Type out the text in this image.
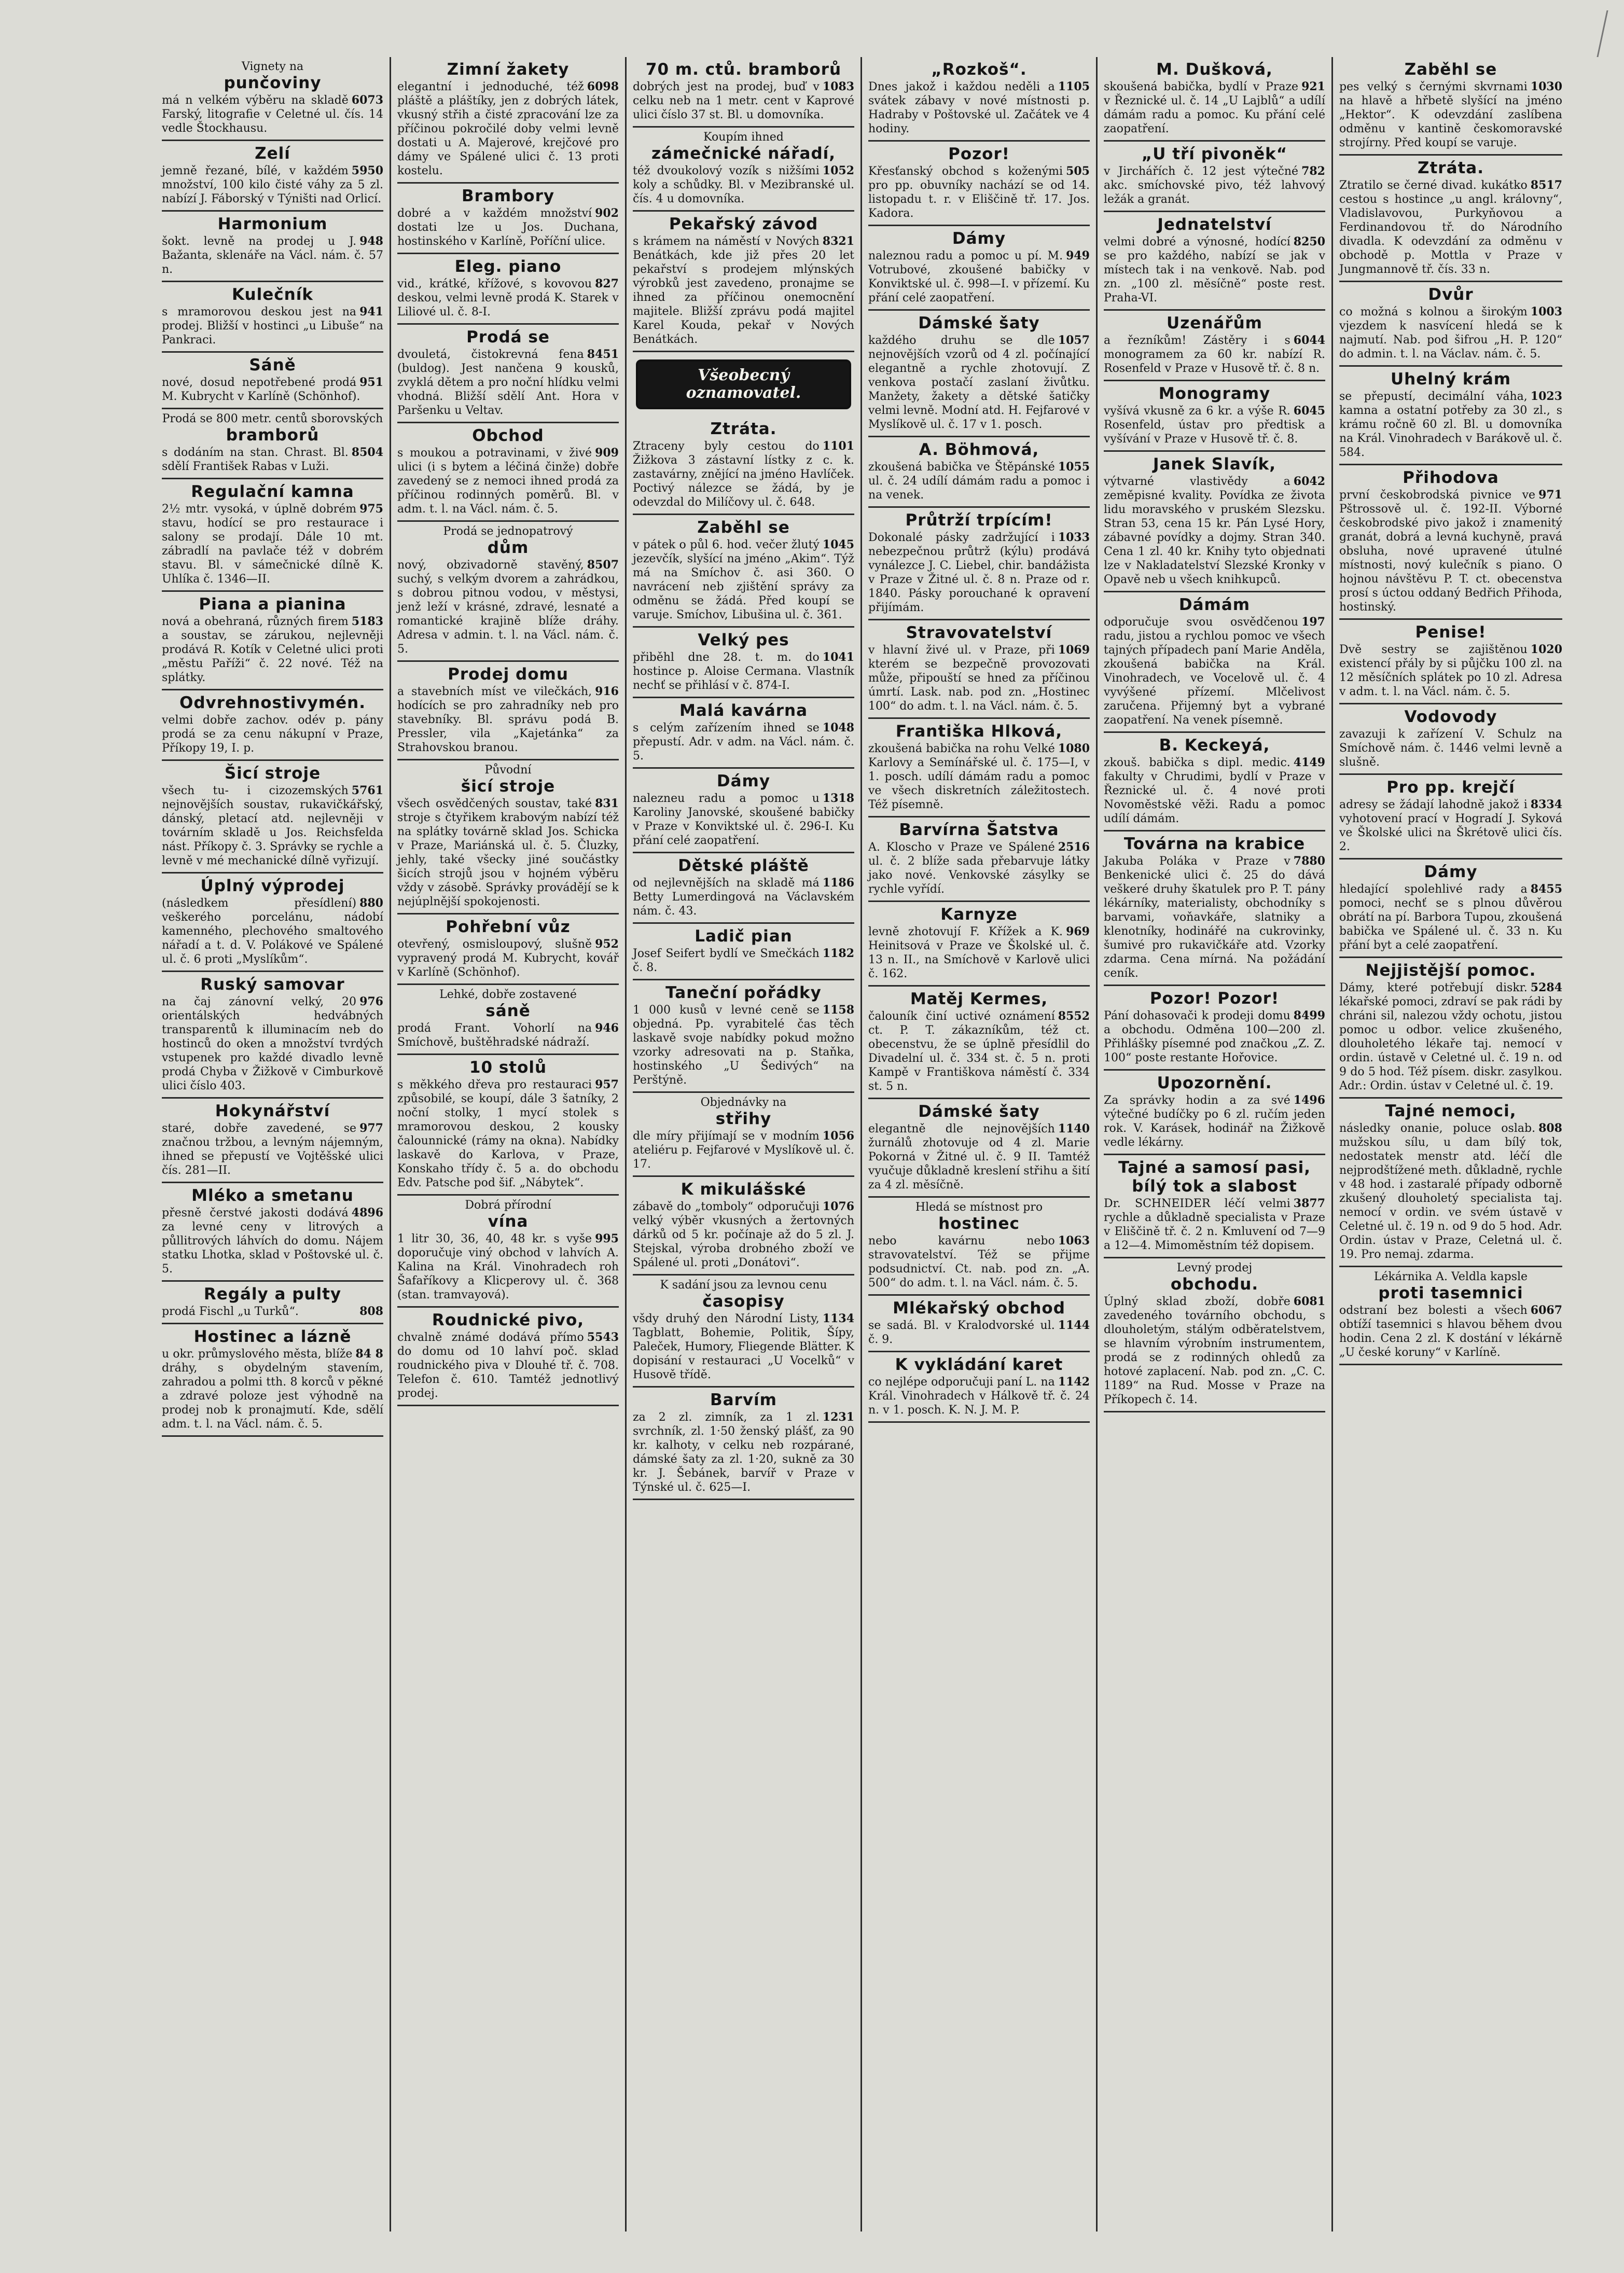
Vignety na
punčoviny

6073
má n velkém výběru na skladě Farský, litografie v Celetné ul. čís. 14 vedle Štockhausu.

Zelí

5950
jemně řezané, bílé, v každém množství, 100 kilo čisté váhy za 5 zl. nabízí J. Fáborský v Týništi nad Orlicí.

Harmonium

948
šokt. levně na prodej u J. Bažanta, sklenáře na Václ. nám. č. 57 n.

Kulečník

941
s mramorovou deskou jest na prodej. Bližší v hostinci „u Libuše“ na Pankraci.

Sáně

951
nové, dosud nepotřebené prodá M. Kubrycht v Karlíně (Schönhof).

Prodá se 800 metr. centů sborovských
bramborů

8504
s dodáním na stan. Chrast. Bl. sdělí František Rabas v Luži.

Regulační kamna

975
2½ mtr. vysoká, v úplně dobrém stavu, hodící se pro restaurace i salony se prodají. Dále 10 mt. zábradlí na pavlače též v dobrém stavu. Bl. v sámečnické dílně K. Uhlíka č. 1346—II.

Piana a pianina

5183
nová a obehraná, různých firem a soustav, se zárukou, nejlevněji prodává R. Kotík v Celetné ulici proti „městu Paříži“ č. 22 nové. Též na splátky.

Odvrehnostivymén.

velmi dobře zachov. odév p. pány prodá se za cenu nákupní v Praze, Příkopy 19, I. p.

Šicí stroje

5761
všech tu- i cizozemských nejnovějších soustav, rukavičkářský, dánský, pletací atd. nejlevněji v továrním skladě u Jos. Reichsfelda nást. Příkopy č. 3. Správky se rychle a levně v mé mechanické dílně vyřizují.

Úplný výprodej

880
(následkem přesídlení) veškerého porcelánu, nádobí kamenného, plechového smaltového nářadí a t. d. V. Polákové ve Spálené ul. č. 6 proti „Myslíkům“.

Ruský samovar

976
na čaj zánovní velký, 20 orientálských hedvábných transparentů k illuminacím neb do hostinců do oken a množství tvrdých vstupenek pro každé divadlo levně prodá Chyba v Žižkově v Cimburkově ulici číslo 403.

Hokynářství

977
staré, dobře zavedené, se značnou tržbou, a levným nájemným, ihned se přepustí ve Vojtěšské ulici čís. 281—II.

Mléko a smetanu

4896
přesně čerstvé jakosti dodává za levné ceny v litrových a půllitrových láhvích do domu. Nájem statku Lhotka, sklad v Poštovské ul. č. 5.

Regály a pulty

808
prodá Fischl „u Turků“.

Hostinec a lázně

84 8
u okr. průmyslového města, blíže dráhy, s obydelným stavením, zahradou a polmi tth. 8 korců v pěkné a zdravé poloze jest výhodně na prodej nob k pronajmutí. Kde, sdělí adm. t. l. na Václ. nám. č. 5.

Zimní žakety

6098
elegantní i jednoduché, též pláště a pláštíky, jen z dobrých látek, vkusný střih a čisté zpracování lze za příčinou pokročilé doby velmi levně dostati u A. Majerové, krejčové pro dámy ve Spálené ulici č. 13 proti kostelu.

Brambory

902
dobré a v každém množství dostati lze u Jos. Duchana, hostinského v Karlíně, Poříční ulice.

Eleg. piano

827
vid., krátké, křížové, s kovovou deskou, velmi levně prodá K. Starek v Liliové ul. č. 8-I.

Prodá se

8451
dvouletá, čistokrevná fena (buldog). Jest nančena 9 kousků, zvyklá dětem a pro noční hlídku velmi vhodná. Bližší sdělí Ant. Hora v Paršenku u Veltav.

Obchod

909
s moukou a potravinami, v živé ulici (i s bytem a léčiná činže) dobře zavedený se z nemoci ihned prodá za příčinou rodinných poměrů. Bl. v adm. t. l. na Václ. nám. č. 5.

Prodá se jednopatrový
dům

8507
nový, obzivadorně stavěný, suchý, s velkým dvorem a zahrádkou, s dobrou pitnou vodou, v městysi, jenž leží v krásné, zdravé, lesnaté a romantické krajině blíže dráhy. Adresa v admin. t. l. na Václ. nám. č. 5.

Prodej domu

916
a stavebních míst ve vilečkách, hodících se pro zahradníky neb pro stavebníky. Bl. správu podá B. Pressler, vila „Kajetánka“ za Strahovskou branou.

Původní
šicí stroje

831
všech osvědčených soustav, také stroje s čtyřikem krabovým nabízí též na splátky továrně sklad Jos. Schicka v Praze, Mariánská ul. č. 5. Čluzky, jehly, také všecky jiné součástky šicích strojů jsou v hojném výběru vždy v zásobě. Správky provádějí se k nejúplnější spokojenosti.

Pohřební vůz

952
otevřený, osmisloupový, slušně vypravený prodá M. Kubrycht, kovář v Karlíně (Schönhof).

Lehké, dobře zostavené
sáně

946
prodá Frant. Vohorlí na Smíchově, buštěhradské nádraží.

10 stolů

957
s měkkého dřeva pro restauraci způsobilé, se koupí, dále 3 šatníky, 2 noční stolky, 1 mycí stolek s mramorovou deskou, 2 kousky čalounnické (rámy na okna). Nabídky laskavě do Karlova, v Praze, Konskaho třídy č. 5 a. do obchodu Edv. Patsche pod šif. „Nábytek“.

Dobrá přírodní
vína

995
1 litr 30, 36, 40, 48 kr. s vyše doporučuje viný obchod v lahvích A. Kalina na Král. Vinohradech roh Šafaříkovy a Klicperovy ul. č. 368 (stan. tramvayová).

Roudnické pivo,

5543
chvalně známé dodává přímo do domu od 10 lahví poč. sklad roudnického piva v Dlouhé tř. č. 708. Telefon č. 610. Tamtéž jednotlivý prodej.

70 m. ctů. bramborů

1083
dobrých jest na prodej, buď v celku neb na 1 metr. cent v Kaprové ulici číslo 37 st. Bl. u domovníka.

Koupím ihned
zámečnické nářadí,

1052
též dvoukolový vozík s nižšími koly a schůdky. Bl. v Mezibranské ul. čís. 4 u domovníka.

Pekařský závod

8321
s krámem na náměstí v Nových Benátkách, kde již přes 20 let pekařství s prodejem mlýnských výrobků jest zavedeno, pronajme se ihned za příčinou onemocnění majitele. Bližší zprávu podá majitel Karel Kouda, pekař v Nových Benátkách.

Všeobecný oznamovatel.
Ztráta.

1101
Ztraceny byly cestou do Žižkova 3 zástavní lístky z c. k. zastavárny, znějící na jméno Havlíček. Poctivý nálezce se žádá, by je odevzdal do Milíčovy ul. č. 648.

Zaběhl se

1045
v pátek o půl 6. hod. večer žlutý jezevčík, slyšící na jméno „Akim“. Týž má na Smíchov č. asi 360. O navrácení neb zjištění správy za odměnu se žádá. Před koupí se varuje. Smíchov, Libušina ul. č. 361.

Velký pes

1041
přiběhl dne 28. t. m. do hostince p. Aloise Cermana. Vlastník nechť se přihlásí v č. 874-I.

Malá kavárna

1048
s celým zařízením ihned se přepustí. Adr. v adm. na Václ. nám. č. 5.

Dámy

1318
nalezneu radu a pomoc u Karoliny Janovské, skoušené babičky v Praze v Konviktské ul. č. 296-I. Ku přání celé zaopatření.

Dětské pláště

1186
od nejlevnějších na skladě má Betty Lumerdingová na Václavském nám. č. 43.

Ladič pian

1182
Josef Seifert bydlí ve Smečkách č. 8.

Taneční pořádky

1158
1 000 kusů v levné ceně se objedná. Pp. vyrabitelé čas těch laskavě svoje nabídky pokud možno vzorky adresovati na p. Staňka, hostinského „U Šedivých“ na Perštýně.

Objednávky na
střihy

1056
dle míry přijímají se v modním ateliéru p. Fejfarové v Myslíkově ul. č. 17.

K mikulášské

1076
zábavě do „tomboly“ odporučuji velký výběr vkusných a žertovných dárků od 5 kr. počínaje až do 5 zl. J. Stejskal, výroba drobného zboží ve Spálené ul. proti „Donátovi“.

K sadání jsou za levnou cenu
časopisy

1134
všdy druhý den Národní Listy, Tagblatt, Bohemie, Politik, Šípy, Paleček, Humory, Fliegende Blätter. K dopisání v restauraci „U Vocelků“ v Husově třídě.

Barvím

1231
za 2 zl. zimník, za 1 zl. svrchník, zl. 1·50 ženský plášť, za 90 kr. kalhoty, v celku neb rozpárané, dámské šaty za zl. 1·20, sukně za 30 kr. J. Šebánek, barvíř v Praze v Týnské ul. č. 625—I.

„Rozkoš“.

1105
Dnes jakož i každou neděli a svátek zábavy v nové místnosti p. Hadraby v Poštovské ul. Začátek ve 4 hodiny.

Pozor!

505
Křesťanský obchod s koženými pro pp. obuvníky nachází se od 14. listopadu t. r. v Eliščině tř. 17. Jos. Kadora.

Dámy

949
naleznou radu a pomoc u pí. M. Votrubové, zkoušené babičky v Konviktské ul. č. 998—I. v přízemí. Ku přání celé zaopatření.

Dámské šaty

1057
každého druhu se dle nejnovějších vzorů od 4 zl. počínající elegantně a rychle zhotovují. Z venkova postačí zaslaní živůtku. Manžety, žakety a dětské šatičky velmi levně. Modní atd. H. Fejfarové v Myslíkově ul. č. 17 v 1. posch.

A. Böhmová,

1055
zkoušená babička ve Štěpánské ul. č. 24 udílí dámám radu a pomoc i na venek.

Průtrží trpícím!

1033
Dokonalé pásky zadržující i nebezpečnou průtrž (kýlu) prodává vynálezce J. C. Liebel, chir. bandážista v Praze v Žitné ul. č. 8 n. Praze od r. 1840. Pásky porouchané k opravení přijímám.

Stravovatelství

1069
v hlavní živé ul. v Praze, při kterém se bezpečně provozovati může, připouští se hned za příčinou úmrtí. Lask. nab. pod zn. „Hostinec 100“ do adm. t. l. na Václ. nám. č. 5.

Františka Hlková,

1080
zkoušená babička na rohu Velké Karlovy a Semínářské ul. č. 175—I, v 1. posch. udílí dámám radu a pomoc ve všech diskretních záležitostech. Též písemně.

Barvírna Šatstva

2516
A. Kloscho v Praze ve Spálené ul. č. 2 blíže sada přebarvuje látky jako nové. Venkovské zásylky se rychle vyřídí.

Karnyze

969
levně zhotovují F. Křížek a K. Heinitsová v Praze ve Školské ul. č. 13 n. II., na Smíchově v Karlově ulici č. 162.

Matěj Kermes,

8552
čalouník činí uctivé oznámení ct. P. T. zákazníkům, též ct. obecenstvu, že se úplně přesídlil do Divadelní ul. č. 334 st. č. 5 n. proti Kampě v Františkova náměstí č. 334 st. 5 n.

Dámské šaty

1140
elegantně dle nejnovějších žurnálů zhotovuje od 4 zl. Marie Pokorná v Žitné ul. č. 9 II. Tamtéž vyučuje důkladně kreslení střihu a šití za 4 zl. měsíčně.

Hledá se místnost pro
hostinec

1063
nebo kavárnu nebo stravovatelství. Též se přijme podsudnictví. Ct. nab. pod zn. „A. 500“ do adm. t. l. na Václ. nám. č. 5.

Mlékařský obchod

1144
se sadá. Bl. v Kralodvorské ul. č. 9.

K vykládání karet

1142
co nejlépe odporučuji paní L. na Král. Vinohradech v Hálkově tř. č. 24 n. v 1. posch. K. N. J. M. P.

M. Dušková,

921
skoušená babička, bydlí v Praze v Řeznické ul. č. 14 „U Lajblů“ a udílí dámám radu a pomoc. Ku přání celé zaopatření.

„U tří pivoněk“

782
v Jirchářích č. 12 jest výtečné akc. smíchovské pivo, též lahvový ležák a granát.

Jednatelství

8250
velmi dobré a výnosné, hodící se pro každého, nabízí se jak v místech tak i na venkově. Nab. pod zn. „100 zl. měsíčně“ poste rest. Praha-VI.

Uzenářům

6044
a řezníkům! Zástěry i s monogramem za 60 kr. nabízí R. Rosenfeld v Praze v Husově tř. č. 8 n.

Monogramy

6045
vyšívá vkusně za 6 kr. a výše R. Rosenfeld, ústav pro předtisk a vyšívání v Praze v Husově tř. č. 8.

Janek Slavík,

6042
výtvarné vlastivědy a zeměpisné kvality. Povídka ze života lidu moravského v pruském Slezsku. Stran 53, cena 15 kr. Pán Lysé Hory, zábavné povídky a dojmy. Stran 340. Cena 1 zl. 40 kr. Knihy tyto objednati lze v Nakladatelství Slezské Kronky v Opavě neb u všech knihkupců.

Dámám

197
odporučuje svou osvědčenou radu, jistou a rychlou pomoc ve všech tajných případech paní Marie Anděla, zkoušená babička na Král. Vinohradech, ve Vocelově ul. č. 4 vyvýšené přízemí. Mlčelivost zaručena. Přijemný byt a vybrané zaopatření. Na venek písemně.

B. Keckeyá,

4149
zkouš. babička s dipl. medic. fakulty v Chrudimi, bydlí v Praze v Řeznické ul. č. 4 nové proti Novoměstské věži. Radu a pomoc udílí dámám.

Továrna na krabice

7880
Jakuba Poláka v Praze v Benkenické ulici č. 25 do dává veškeré druhy škatulek pro P. T. pány lékárníky, materialisty, obchodníky s barvami, voňavkáře, slatniky a klenotníky, hodinářé na cukrovinky, šumivé pro rukavičkáře atd. Vzorky zdarma. Cena mírná. Na požádání ceník.

Pozor! Pozor!

8499
Pání dohasovači k prodeji domu a obchodu. Odměna 100—200 zl. Přihlášky písemné pod značkou „Z. Z. 100“ poste restante Hořovice.

Upozornění.

1496
Za správky hodin a za své výtečné budíčky po 6 zl. ručím jeden rok. V. Karásek, hodinář na Žižkově vedle lékárny.

Tajné a samosí pasi, bílý tok a slabost

3877
Dr. SCHNEIDER léčí velmi rychle a důkladně specialista v Praze v Eliščině tř. č. 2 n. Kmluvení od 7—9 a 12—4. Mimoměstním též dopisem.

Levný prodej
obchodu.

6081
Úplný sklad zboží, dobře zavedeného továrního obchodu, s dlouholetým, stálým odběratelstvem, se hlavním výrobním instrumentem, prodá se z rodinných ohledů za hotové zaplacení. Nab. pod zn. „C. C. 1189“ na Rud. Mosse v Praze na Příkopech č. 14.

Zaběhl se

1030
pes velký s černými skvrnami na hlavě a hřbetě slyšící na jméno „Hektor“. K odevzdání zaslíbena odměnu v kantině českomoravské strojírny. Před koupí se varuje.

Ztráta.

8517
Ztratilo se černé divad. kukátko cestou s hostince „u angl. královny“, Vladislavovou, Purkyňovou a Ferdinandovou tř. do Národního divadla. K odevzdání za odměnu v obchodě p. Mottla v Praze v Jungmannově tř. čís. 33 n.

Dvůr

1003
co možná s kolnou a širokým vjezdem k nasvícení hledá se k najmutí. Nab. pod šifrou „H. P. 120“ do admin. t. l. na Václav. nám. č. 5.

Uhelný krám

1023
se přepustí, decimální váha, kamna a ostatní potřeby za 30 zl., s krámu ročně 60 zl. Bl. u domovníka na Král. Vinohradech v Barákově ul. č. 584.

Přihodova

971
první českobrodská pivnice ve Pštrossově ul. č. 192-II. Výborné českobrodské pivo jakož i znamenitý granát, dobrá a levná kuchyně, pravá obsluha, nové upravené útulné místnosti, nový kulečník s piano. O hojnou návštěvu P. T. ct. obecenstva prosí s úctou oddaný Bedřich Přihoda, hostinský.

Penise!

1020
Dvě sestry se zajištěnou existencí přály by si půjčku 100 zl. na 12 měsíčních splátek po 10 zl. Adresa v adm. t. l. na Václ. nám. č. 5.

Vodovody

zavazuji k zařízení V. Schulz na Smíchově nám. č. 1446 velmi levně a slušně.

Pro pp. krejčí

8334
adresy se žádají lahodně jakož i vyhotovení prací v Hogradí J. Syková ve Školské ulici na Škrétově ulici čís. 2.

Dámy

8455
hledající spolehlivé rady a pomoci, nechť se s plnou důvěrou obrátí na pí. Barbora Tupou, zkoušená babička ve Spálené ul. č. 33 n. Ku přání byt a celé zaopatření.

Nejjistější pomoc.

5284
Dámy, které potřebují diskr. lékařské pomoci, zdraví se pak rádi by chráni sil, nalezou vždy ochotu, jistou pomoc u odbor. velice zkušeného, dlouholetého lékaře taj. nemocí v ordin. ústavě v Celetné ul. č. 19 n. od 9 do 5 hod. Též písem. diskr. zasylkou. Adr.: Ordin. ústav v Celetné ul. č. 19.

Tajné nemoci,

808
následky onanie, poluce oslab. mužskou sílu, u dam bílý tok, nedostatek menstr atd. léčí dle nejprodštížené meth. důkladně, rychle v 48 hod. i zastaralé případy odborně zkušený dlouholetý specialista taj. nemocí v ordin. ve svém ústavě v Celetné ul. č. 19 n. od 9 do 5 hod. Adr. Ordin. ústav v Praze, Celetná ul. č. 19. Pro nemaj. zdarma.

Lékárnika A. Veldla kapsle
proti tasemnici

6067
odstraní bez bolesti a všech obtíží tasemnici s hlavou během dvou hodin. Cena 2 zl. K dostání v lékárně „U české koruny“ v Karlíně.
